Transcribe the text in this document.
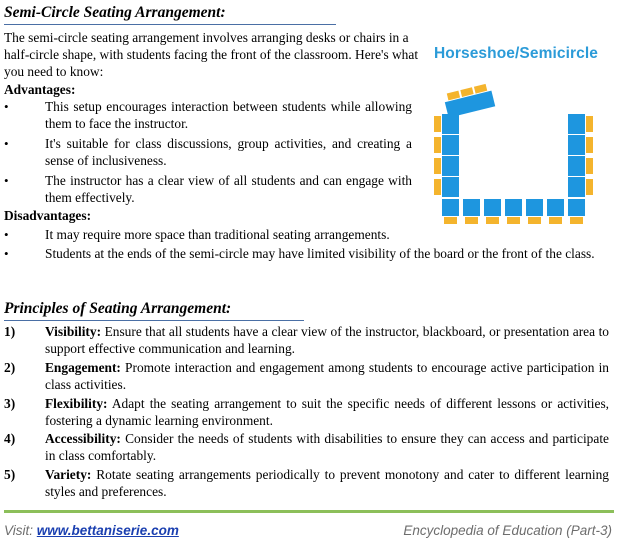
Semi-Circle Seating Arrangement:

The semi-circle seating arrangement involves arranging desks or chairs in a half-circle shape, with students facing the front of the classroom. Here's what you need to know:

Advantages:
•	This setup encourages interaction between students while allowing them to face the instructor.

•	It's suitable for class discussions, group activities, and creating a sense of inclusiveness.

•	The instructor has a clear view of all students and can engage with them effectively.

Disadvantages:
•	It may require more space than traditional seating arrangements.

•	Students at the ends of the semi-circle may have limited visibility of the board or the front of the class.

Horseshoe/Semicircle
Principles of Seating Arrangement:
1) Visibility: Ensure that all students have a clear view of the instructor, blackboard, or presentation area to support effective communication and learning.

2) Engagement: Promote interaction and engagement among students to encourage active participation in class activities.

3) Flexibility: Adapt the seating arrangement to suit the specific needs of different lessons or activities, fostering a dynamic learning environment.

4) Accessibility: Consider the needs of students with disabilities to ensure they can access and participate in class comfortably.

5) Variety: Rotate seating arrangements periodically to prevent monotony and cater to different learning styles and preferences.

Visit: www.bettaniserie.com	Encyclopedia of Education (Part-3)
